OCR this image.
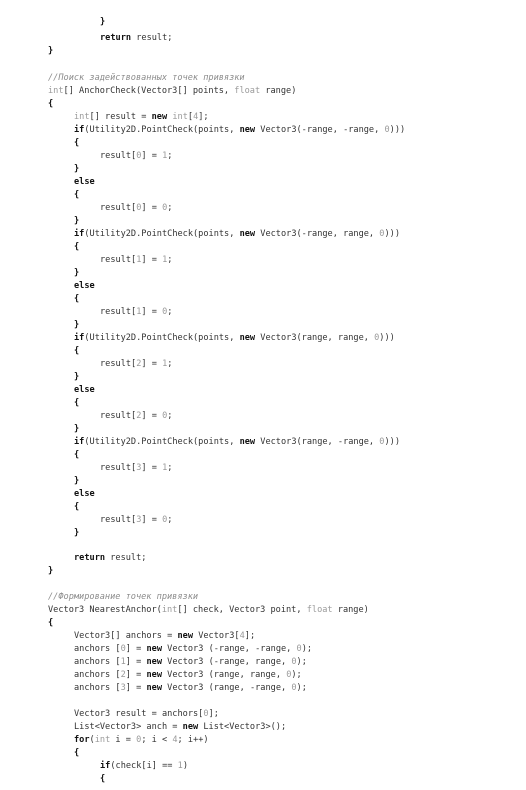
}
return result;
}
//Поиск задействованных точек привязки
int[] AnchorCheck(Vector3[] points, float range)
{
int[] result = new int[4];
if(Utility2D.PointCheck(points, new Vector3(-range, -range, 0)))
{
result[0] = 1;
}
else
{
result[0] = 0;
}
if(Utility2D.PointCheck(points, new Vector3(-range, range, 0)))
{
result[1] = 1;
}
else
{
result[1] = 0;
}
if(Utility2D.PointCheck(points, new Vector3(range, range, 0)))
{
result[2] = 1;
}
else
{
result[2] = 0;
}
if(Utility2D.PointCheck(points, new Vector3(range, -range, 0)))
{
result[3] = 1;
}
else
{
result[3] = 0;
}
return result;
}
//Формирование точек привязки
Vector3 NearestAnchor(int[] check, Vector3 point, float range)
{
Vector3[] anchors = new Vector3[4];
anchors [0] = new Vector3 (-range, -range, 0);
anchors [1] = new Vector3 (-range, range, 0);
anchors [2] = new Vector3 (range, range, 0);
anchors [3] = new Vector3 (range, -range, 0);
Vector3 result = anchors[0];
List<Vector3> anch = new List<Vector3>();
for(int i = 0; i < 4; i++)
{
if(check[i] == 1)
{
